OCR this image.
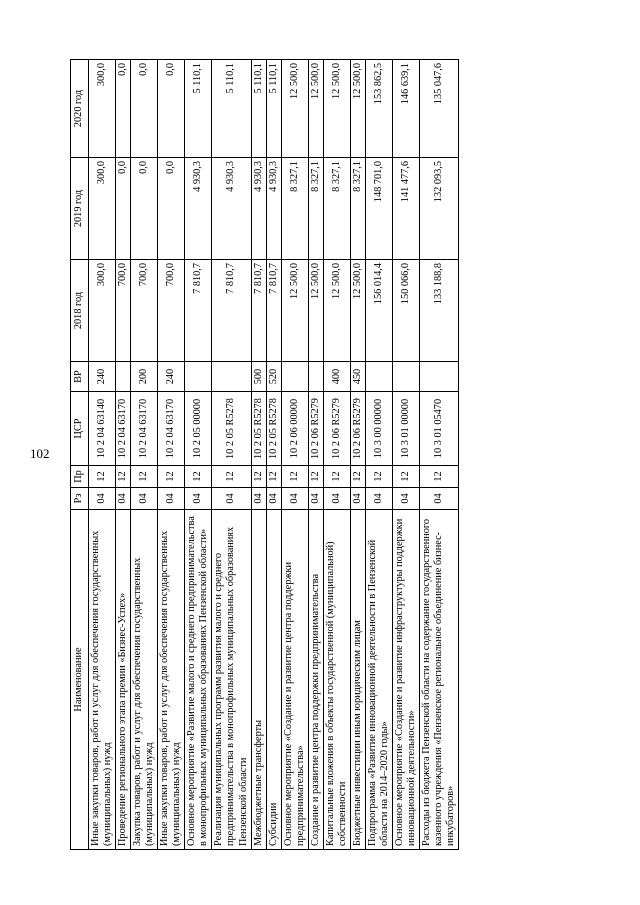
102
Наименование	Рз	Пр	ЦСР	ВР	2018 год	2019 год	2020 год
Иные закупки товаров, работ и услуг для обеспечения государственных (муниципальных) нужд	04	12	10 2 04 63140	240	300,0	300,0	300,0
Проведение регионального этапа премии «Бизнес-Успех»	04	12	10 2 04 63170		700,0	0,0	0,0
Закупка товаров, работ и услуг для обеспечения государственных (муниципальных) нужд	04	12	10 2 04 63170	200	700,0	0,0	0,0
Иные закупки товаров, работ и услуг для обеспечения государственных (муниципальных) нужд	04	12	10 2 04 63170	240	700,0	0,0	0,0
Основное мероприятие «Развитие малого и среднего предпринимательства в монопрофильных муниципальных образованиях Пензенской области»	04	12	10 2 05 00000		7 810,7	4 930,3	5 110,1
Реализация муниципальных программ развития малого и среднего предпринимательства в монопрофильных муниципальных образованиях Пензенской области	04	12	10 2 05 R5278		7 810,7	4 930,3	5 110,1
Межбюджетные трансферты	04	12	10 2 05 R5278	500	7 810,7	4 930,3	5 110,1
Субсидии	04	12	10 2 05 R5278	520	7 810,7	4 930,3	5 110,1
Основное мероприятие «Создание и развитие центра поддержки предпринимательства»	04	12	10 2 06 00000		12 500,0	8 327,1	12 500,0
Создание и развитие центра поддержки предпринимательства	04	12	10 2 06 R5279		12 500,0	8 327,1	12 500,0
Капитальные вложения в объекты государственной (муниципальной) собственности	04	12	10 2 06 R5279	400	12 500,0	8 327,1	12 500,0
Бюджетные инвестиции иным юридическим лицам	04	12	10 2 06 R5279	450	12 500,0	8 327,1	12 500,0
Подпрограмма «Развитие инновационной деятельности в Пензенской области на 2014–2020 годы»	04	12	10 3 00 00000		156 014,4	148 701,0	153 862,5
Основное мероприятие «Создание и развитие инфраструктуры поддержки инновационной деятельности»	04	12	10 3 01 00000		150 066,0	141 477,6	146 639,1
Расходы из бюджета Пензенской области на содержание государственного казенного учреждения «Пензенское региональное объединение бизнес-инкубаторов»	04	12	10 3 01 05470		133 188,8	132 093,5	135 047,6
